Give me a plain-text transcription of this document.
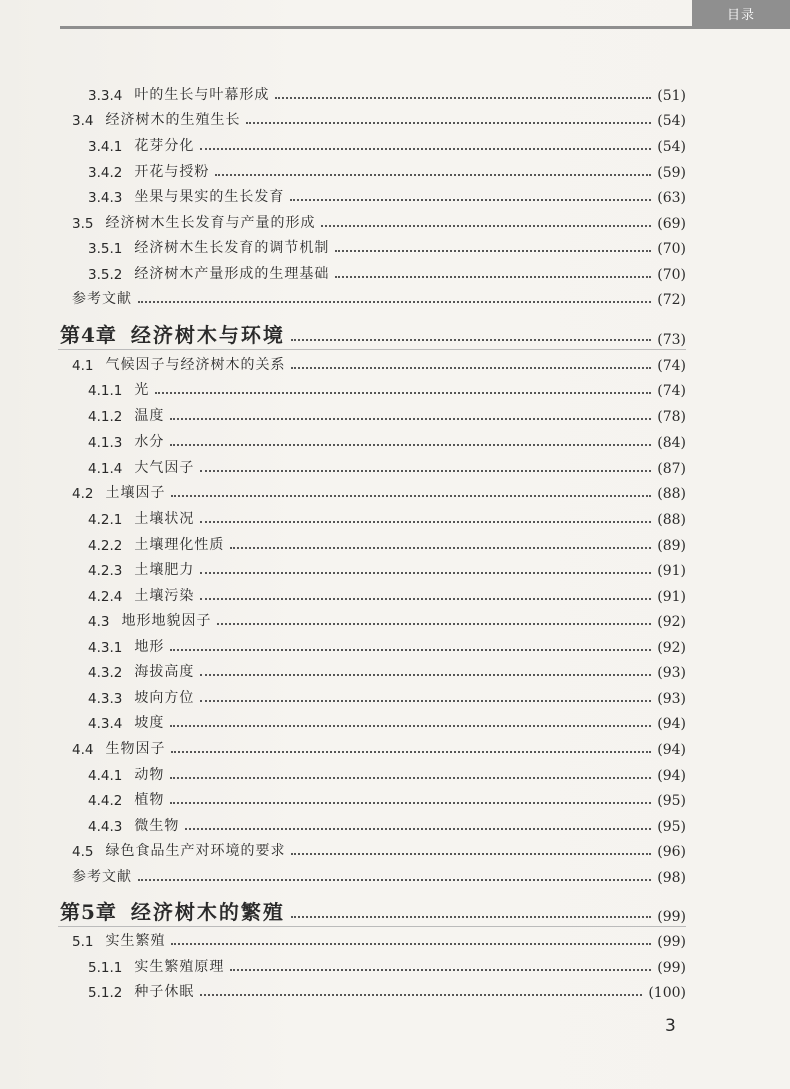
目录
3.3.4 叶的生长与叶幕形成	(51)
3.4 经济树木的生殖生长	(54)
3.4.1 花芽分化	(54)
3.4.2 开花与授粉	(59)
3.4.3 坐果与果实的生长发育	(63)
3.5 经济树木生长发育与产量的形成	(69)
3.5.1 经济树木生长发育的调节机制	(70)
3.5.2 经济树木产量形成的生理基础	(70)
参考文献	(72)
第4章 经济树木与环境	(73)
4.1 气候因子与经济树木的关系	(74)
4.1.1 光	(74)
4.1.2 温度	(78)
4.1.3 水分	(84)
4.1.4 大气因子	(87)
4.2 土壤因子	(88)
4.2.1 土壤状况	(88)
4.2.2 土壤理化性质	(89)
4.2.3 土壤肥力	(91)
4.2.4 土壤污染	(91)
4.3 地形地貌因子	(92)
4.3.1 地形	(92)
4.3.2 海拔高度	(93)
4.3.3 坡向方位	(93)
4.3.4 坡度	(94)
4.4 生物因子	(94)
4.4.1 动物	(94)
4.4.2 植物	(95)
4.4.3 微生物	(95)
4.5 绿色食品生产对环境的要求	(96)
参考文献	(98)
第5章 经济树木的繁殖	(99)
5.1 实生繁殖	(99)
5.1.1 实生繁殖原理	(99)
5.1.2 种子休眠	(100)
3
